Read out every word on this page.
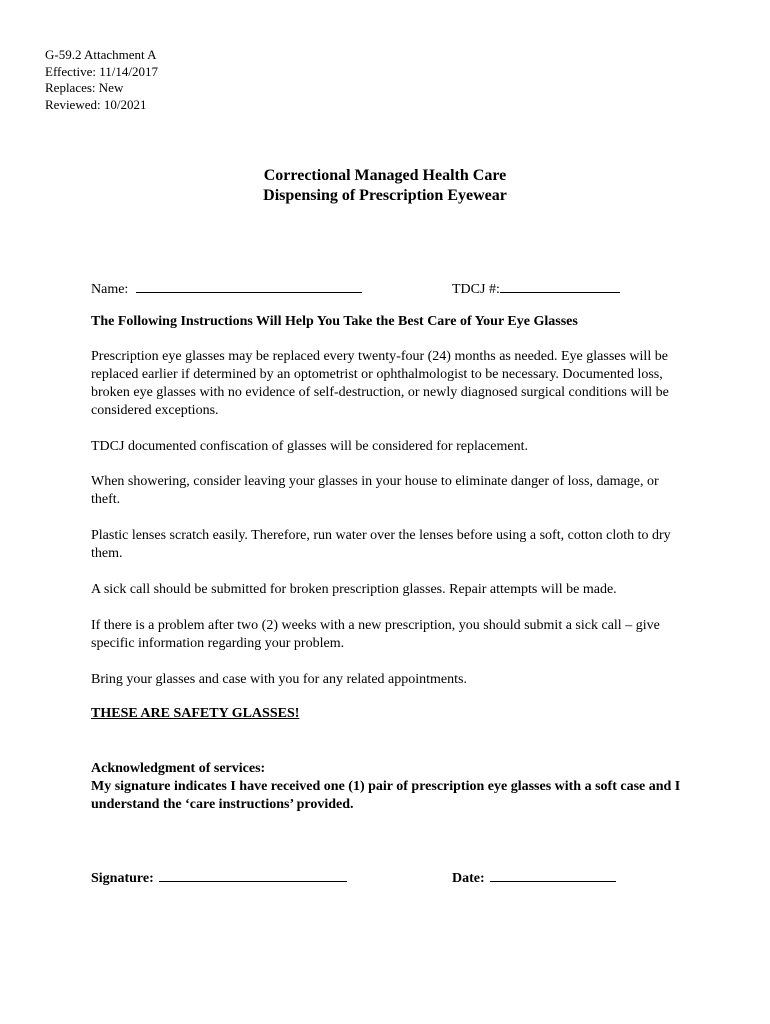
G-59.2 Attachment A
Effective: 11/14/2017
Replaces: New
Reviewed: 10/2021
Correctional Managed Health Care
Dispensing of Prescription Eyewear
Name:	TDCJ #:
The Following Instructions Will Help You Take the Best Care of Your Eye Glasses
Prescription eye glasses may be replaced every twenty-four (24) months as needed. Eye glasses will be replaced earlier if determined by an optometrist or ophthalmologist to be necessary. Documented loss, broken eye glasses with no evidence of self-destruction, or newly diagnosed surgical conditions will be considered exceptions.
TDCJ documented confiscation of glasses will be considered for replacement.
When showering, consider leaving your glasses in your house to eliminate danger of loss, damage, or theft.
Plastic lenses scratch easily. Therefore, run water over the lenses before using a soft, cotton cloth to dry them.
A sick call should be submitted for broken prescription glasses. Repair attempts will be made.
If there is a problem after two (2) weeks with a new prescription, you should submit a sick call – give specific information regarding your problem.
Bring your glasses and case with you for any related appointments.
THESE ARE SAFETY GLASSES!
Acknowledgment of services:
My signature indicates I have received one (1) pair of prescription eye glasses with a soft case and I understand the ‘care instructions’ provided.
Signature:	Date:
